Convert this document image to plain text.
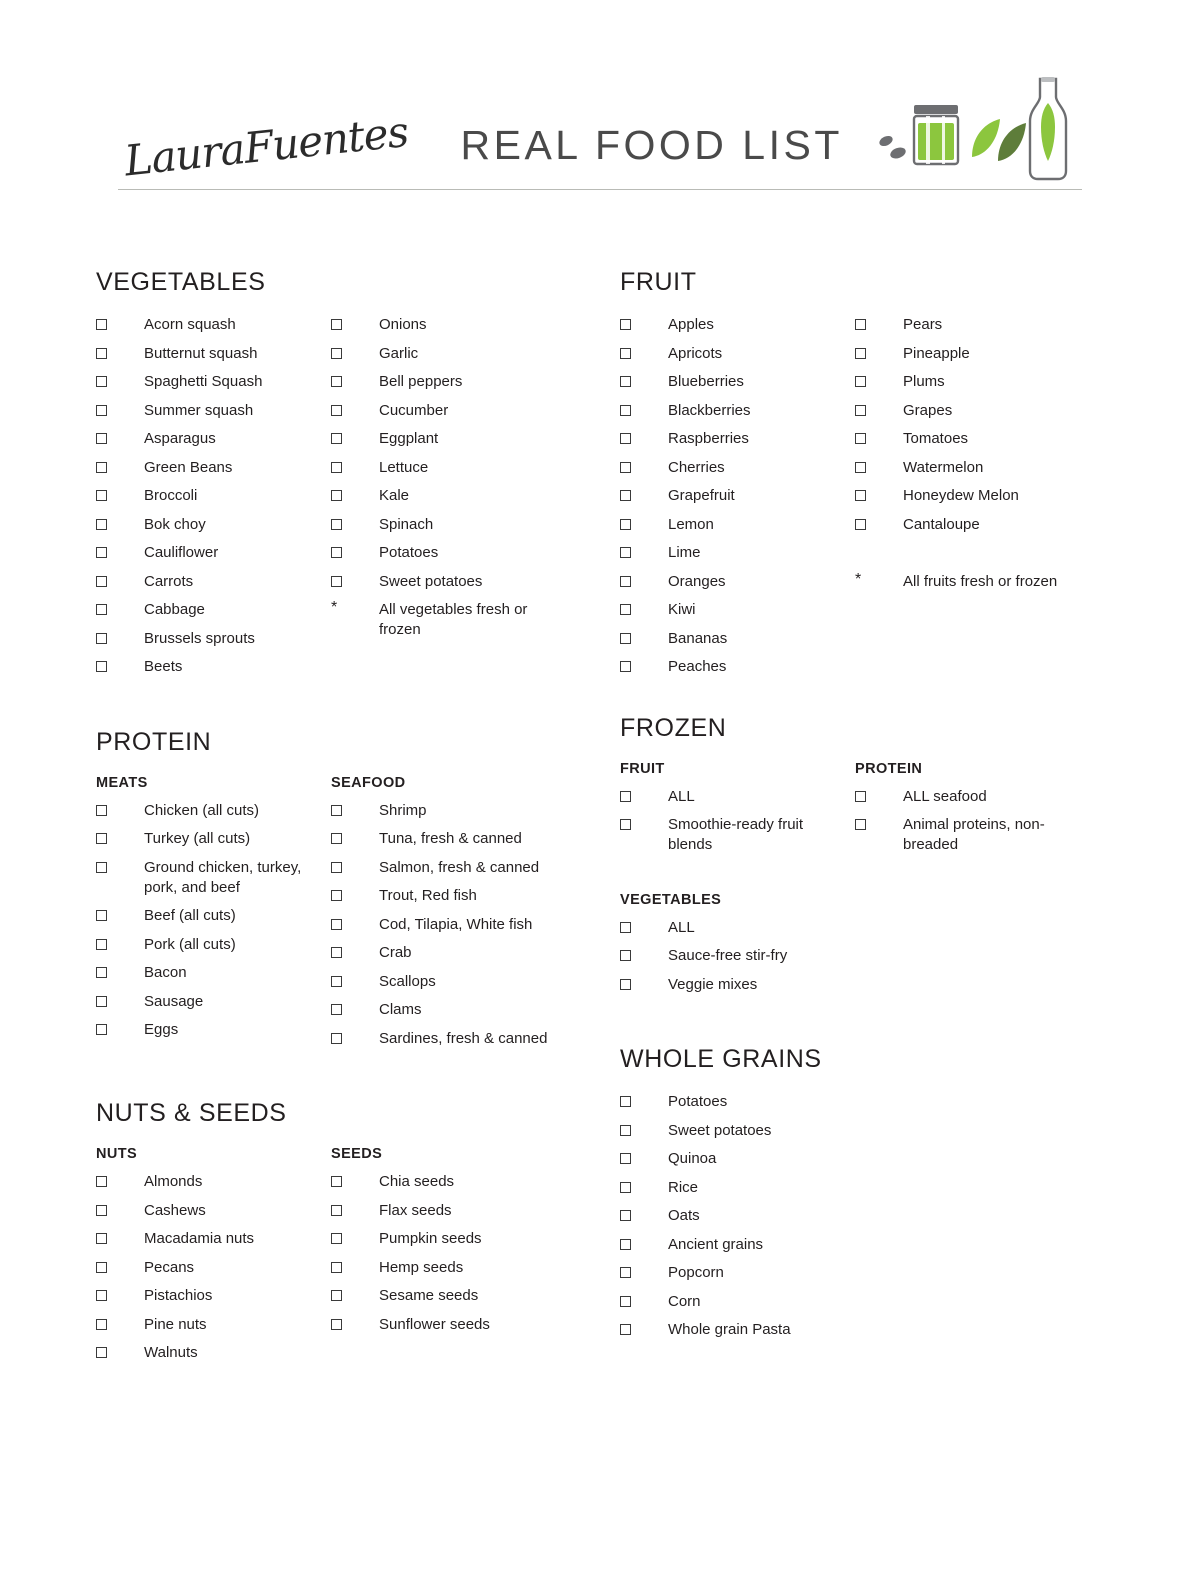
LauraFuentes REAL FOOD LIST
VEGETABLES
Acorn squash
Butternut squash
Spaghetti Squash
Summer squash
Asparagus
Green Beans
Broccoli
Bok choy
Cauliflower
Carrots
Cabbage
Brussels sprouts
Beets
Onions
Garlic
Bell peppers
Cucumber
Eggplant
Lettuce
Kale
Spinach
Potatoes
Sweet potatoes
*	All vegetables fresh or frozen
PROTEIN
MEATS
Chicken (all cuts)
Turkey (all cuts)
Ground chicken, turkey, pork, and beef
Beef (all cuts)
Pork (all cuts)
Bacon
Sausage
Eggs
SEAFOOD
Shrimp
Tuna, fresh & canned
Salmon, fresh & canned
Trout, Red fish
Cod, Tilapia, White fish
Crab
Scallops
Clams
Sardines, fresh & canned
NUTS & SEEDS
NUTS
Almonds
Cashews
Macadamia nuts
Pecans
Pistachios
Pine nuts
Walnuts
SEEDS
Chia seeds
Flax seeds
Pumpkin seeds
Hemp seeds
Sesame seeds
Sunflower seeds
FRUIT
Apples
Apricots
Blueberries
Blackberries
Raspberries
Cherries
Grapefruit
Lemon
Lime
Oranges
Kiwi
Bananas
Peaches
Pears
Pineapple
Plums
Grapes
Tomatoes
Watermelon
Honeydew Melon
Cantaloupe
*	All fruits fresh or frozen
FROZEN
FRUIT
ALL
Smoothie-ready fruit blends
VEGETABLES
ALL
Sauce-free stir-fry
Veggie mixes
PROTEIN
ALL seafood
Animal proteins, non-breaded
WHOLE GRAINS
Potatoes
Sweet potatoes
Quinoa
Rice
Oats
Ancient grains
Popcorn
Corn
Whole grain Pasta
